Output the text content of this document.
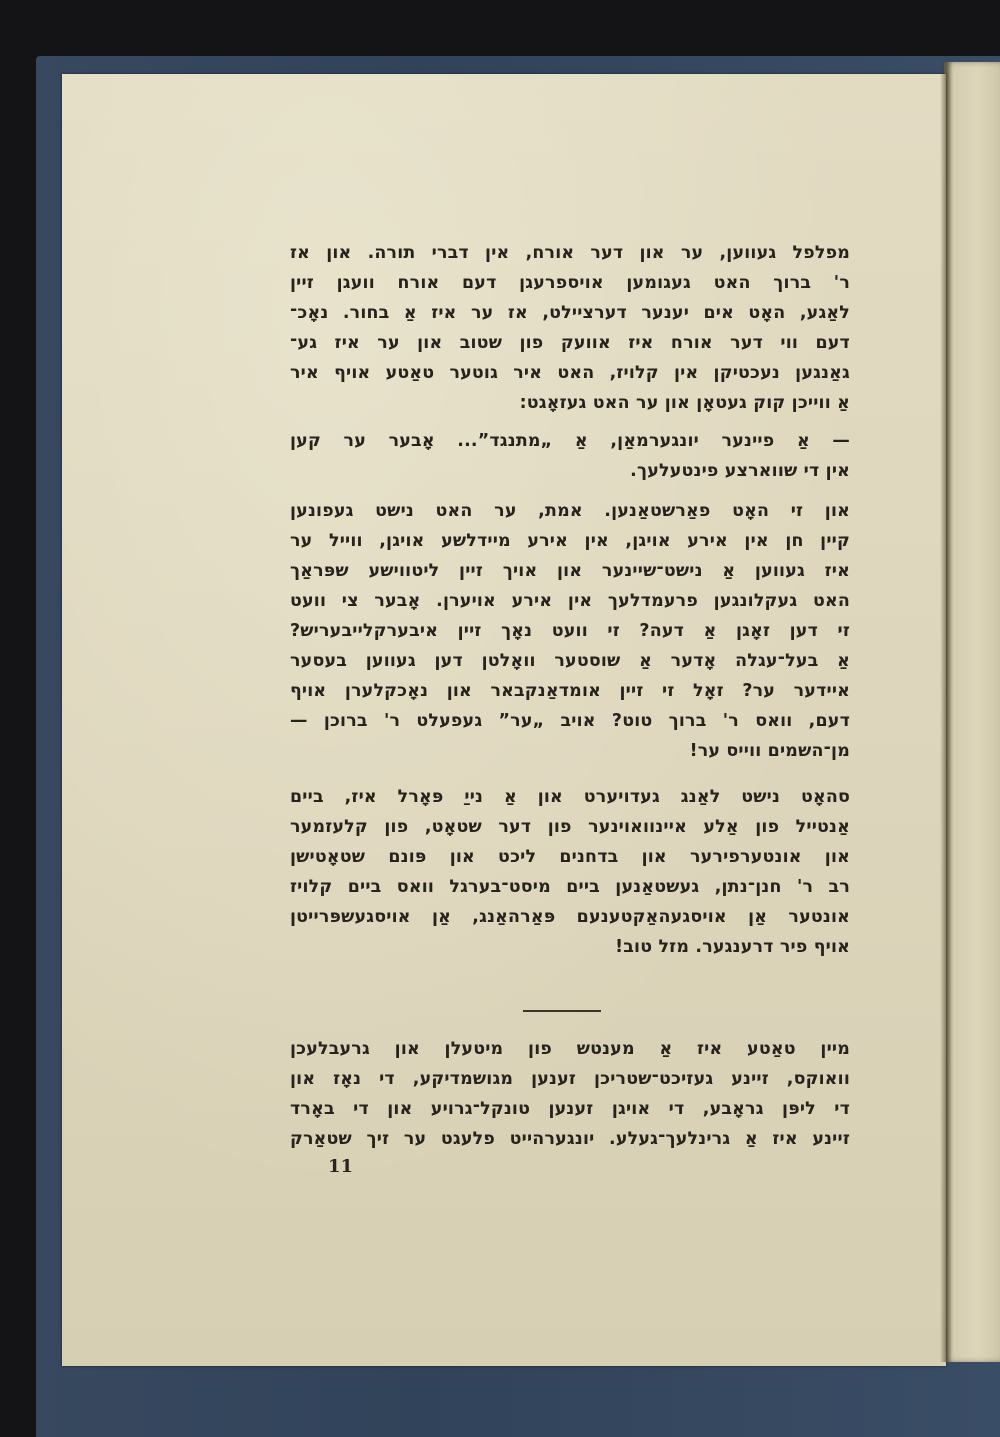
מפלפל געווען, ער און דער אורח, אין דברי תורה. און אז
ר' ברוך האט געגומען אויספרעגן דעם אורח וועגן זיין
לאַגע, האָט אים יענער דערציילט, אז ער איז אַ בחור. נאָכ־
דעם ווי דער אורח איז אוועק פון שטוב און ער איז גע־
גאַנגען נעכטיקן אין קלויז, האט איר גוטער טאַטע אויף איר
אַ ווייכן קוק געטאָן און ער האט געזאָגט:
— אַ פיינער יונגערמאַן, אַ „מתנגד”... אָבער ער קען
אין די שווארצע פינטעלעך.
און זי האָט פאַרשטאַנען. אמת, ער האט נישט געפונען
קיין חן אין אירע אויגן, אין אירע מיידלשע אויגן, ווייל ער
איז געווען אַ נישט־שיינער און אויך זיין ליטווישע שפּראַך
האט געקלונגען פרעמדלעך אין אירע אויערן. אָבער צי וועט
זי דען זאָגן אַ דעה? זי וועט נאָך זיין איבערקלייבעריש?
אַ בעל־עגלה אָדער אַ שוסטער וואָלטן דען געווען בעסער
איידער ער? זאָל זי זיין אומדאַנקבאר און נאָכקלערן אויף
דעם, וואס ר' ברוך טוט? אויב „ער” געפעלט ר' ברוכן —
מן־השמים ווייס ער!
סהאָט נישט לאַנג געדויערט און אַ נייַ פּאָרל איז, ביים
אַנטייל פון אַלע איינוואוינער פון דער שטאָט, פון קלעזמער
און אונטערפירער און בדחנים ליכט און פּונם שטאָטישן
רב ר' חנן־נתן, געשטאַנען ביים מיסט־בערגל וואס ביים קלויז
אונטער אַן אויסגעהאַקטענעם פּאַרהאַנג, אַן אויסגעשפּרייטן
אויף פיר דרענגער. מזל טוב!
מיין טאַטע איז אַ מענטש פון מיטעלן און גרעבלעכן
וואוקס, זיינע געזיכט־שטריכן זענען מגושמדיקע, די נאָז און
די ליפּן גראָבע, די אויגן זענען טונקל־גרויע און די באָרד
זיינע איז אַ גרינלעך־געלע. יונגערהייט פלעגט ער זיך שטאַרק
11
